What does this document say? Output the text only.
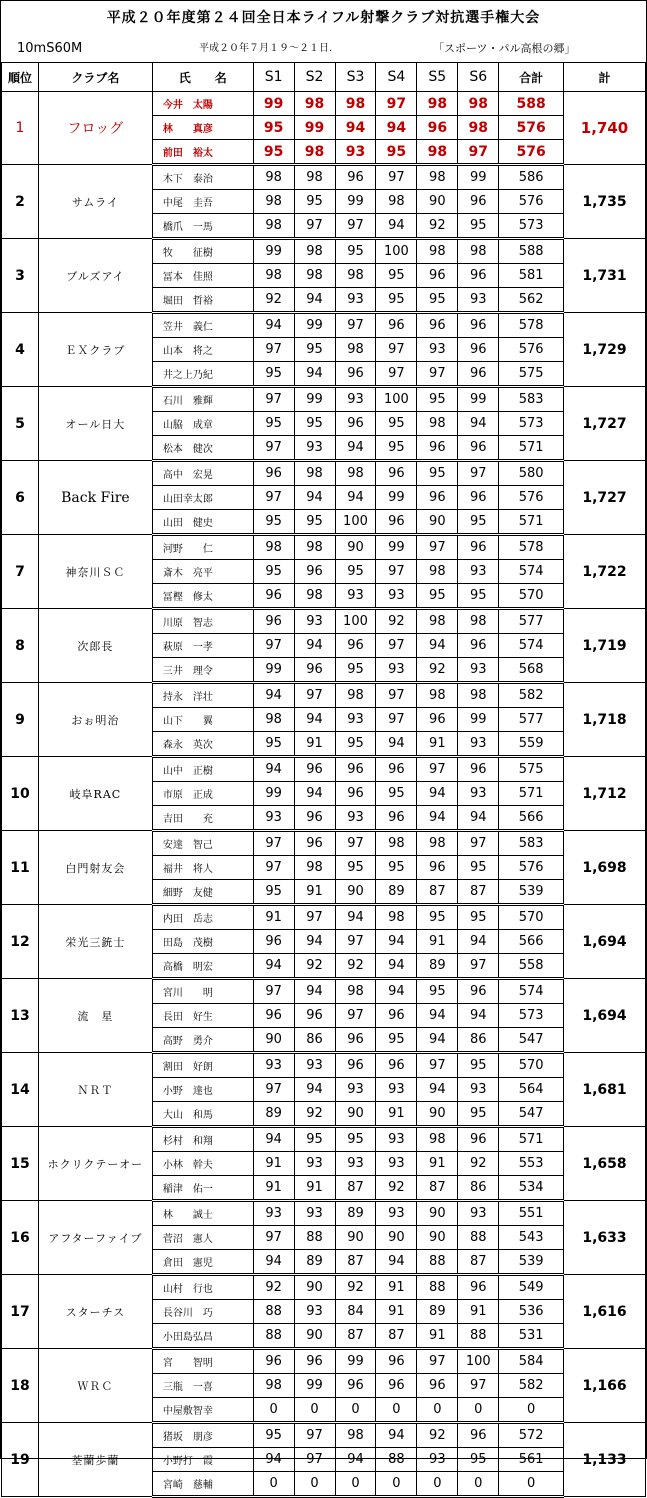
平成２０年度第２４回全日本ライフル射撃クラブ対抗選手権大会
10mS60M	平成２０年７月１９～２１日.	「スポーツ・パル高根の郷」
順位	クラブ名	氏　　名	S1	S2	S3	S4	S5	S6	合計	計
1	フロッグ	今井　太陽	99	98	98	97	98	98	588	1,740
		林　　真彦	95	99	94	94	96	98	576	
		前田　裕太	95	98	93	95	98	97	576	
2	サムライ	木下　泰治	98	98	96	97	98	99	586	1,735
		中尾　圭吾	98	95	99	98	90	96	576	
		橋爪　一馬	98	97	97	94	92	95	573	
3	ブルズアイ	牧　　征樹	99	98	95	100	98	98	588	1,731
		冨本　佳照	98	98	98	95	96	96	581	
		堀田　哲裕	92	94	93	95	95	93	562	
4	ＥＸクラブ	笠井　義仁	94	99	97	96	96	96	578	1,729
		山本　将之	97	95	98	97	93	96	576	
		井之上乃紀	95	94	96	97	97	96	575	
5	オール日大	石川　雅輝	97	99	93	100	95	99	583	1,727
		山脇　成章	95	95	96	95	98	94	573	
		松本　健次	97	93	94	95	96	96	571	
6	Back Fire	高中　宏晃	96	98	98	96	95	97	580	1,727
		山田幸太郎	97	94	94	99	96	96	576	
		山田　健史	95	95	100	96	90	95	571	
7	神奈川ＳＣ	河野　　仁	98	98	90	99	97	96	578	1,722
		斎木　亮平	95	96	95	97	98	93	574	
		冨樫　修太	96	98	93	93	95	95	570	
8	次郎長	川原　智志	96	93	100	92	98	98	577	1,719
		萩原　一孝	97	94	96	97	94	96	574	
		三井　理令	99	96	95	93	92	93	568	
9	おぉ明治	持永　洋壮	94	97	98	97	98	98	582	1,718
		山下　　翼	98	94	93	97	96	99	577	
		森永　英次	95	91	95	94	91	93	559	
10	岐阜RAC	山中　正樹	94	96	96	96	97	96	575	1,712
		市原　正成	99	94	96	95	94	93	571	
		吉田　　充	93	96	93	96	94	94	566	
11	白門射友会	安達　智己	97	96	97	98	98	97	583	1,698
		福井　将人	97	98	95	95	96	95	576	
		細野　友健	95	91	90	89	87	87	539	
12	栄光三銃士	内田　岳志	91	97	94	98	95	95	570	1,694
		田島　茂樹	96	94	97	94	91	94	566	
		高橋　明宏	94	92	92	94	89	97	558	
13	流　星	宮川　　明	97	94	98	94	95	96	574	1,694
		長田　好生	96	96	97	96	94	94	573	
		高野　勇介	90	86	96	95	94	86	547	
14	ＮＲＴ	割田　好朗	93	93	96	96	97	95	570	1,681
		小野　達也	97	94	93	93	94	93	564	
		大山　和馬	89	92	90	91	90	95	547	
15	ホクリクテーオー	杉村　和翔	94	95	95	93	98	96	571	1,658
		小林　幹夫	91	93	93	93	91	92	553	
		稲津　佑一	91	91	87	92	87	86	534	
16	アフターファイブ	林　　誠士	93	93	89	93	90	93	551	1,633
		菅沼　憲人	97	88	90	90	90	88	543	
		倉田　憲児	94	89	87	94	88	87	539	
17	スターチス	山村　行也	92	90	92	91	88	96	549	1,616
		長谷川　巧	88	93	84	91	89	91	536	
		小田島弘昌	88	90	87	87	91	88	531	
18	ＷＲＣ	宮　　智明	96	96	99	96	97	100	584	1,166
		三瓶　一喜	98	99	96	96	96	97	582	
		中屋敷智幸	0	0	0	0	0	0	0	
19	荃蘭歩蘭	猪坂　朋彦	95	97	98	94	92	96	572	1,133
		小野打　霞	94	97	94	88	93	95	561	
		宮崎　慈輔	0	0	0	0	0	0	0	
